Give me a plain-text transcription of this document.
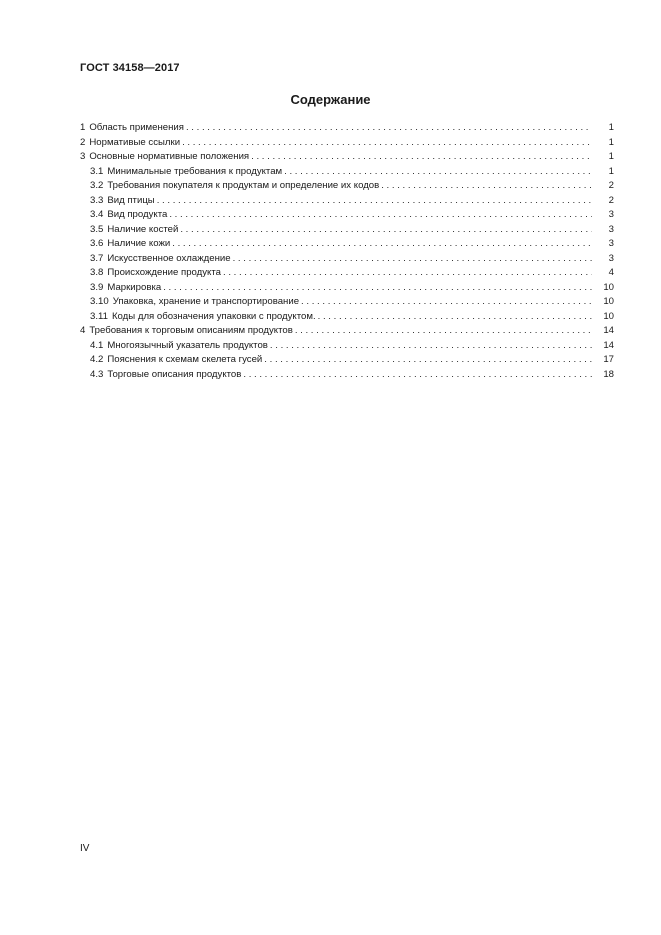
ГОСТ 34158—2017
Содержание
1 Область применения . . .	1
2 Нормативые ссылки . . .	1
3 Основные нормативные положения . . .	1
3.1 Минимальные требования к продуктам . . .	1
3.2 Требования покупателя к продуктам и определение их кодов . . .	2
3.3 Вид птицы . . .	2
3.4 Вид продукта . . .	3
3.5 Наличие костей . . .	3
3.6 Наличие кожи . . .	3
3.7 Искусственное охлаждение . . .	3
3.8 Происхождение продукта . . .	4
3.9 Маркировка . . .	10
3.10 Упаковка, хранение и транспортирование . . .	10
3.11 Коды для обозначения упаковки с продуктом. . . .	10
4 Требования к торговым описаниям продуктов . . .	14
4.1 Многоязычный указатель продуктов . . .	14
4.2 Пояснения к схемам скелета гусей . . .	17
4.3 Торговые описания продуктов . . .	18
IV
